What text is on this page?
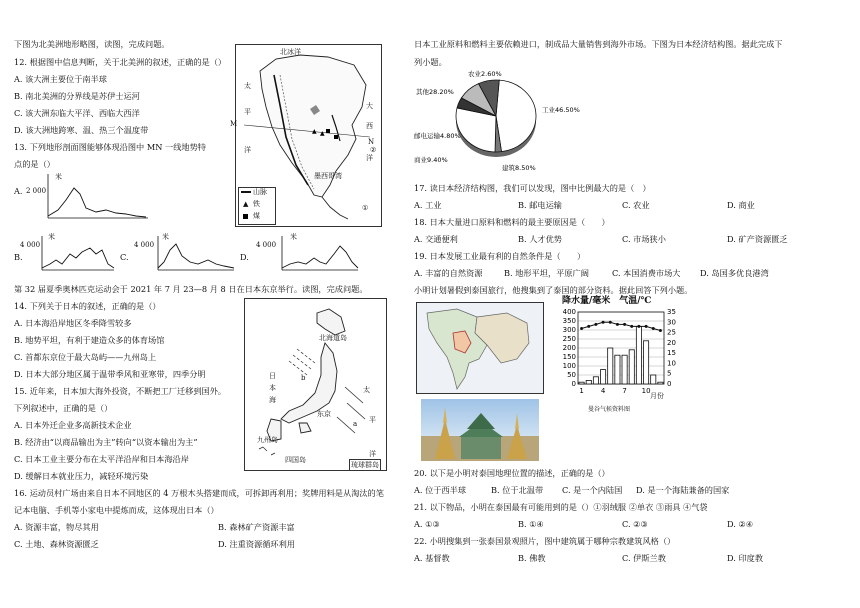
下图为北美洲地形略图，读图，完成问题。
12. 根据图中信息判断，关于北美洲的叙述，正确的是（）
A. 该大洲主要位于南半球
B. 南北美洲的分界线是苏伊士运河
C. 该大洲东临大平洋、西临大西洋
D. 该大洲地跨寒、温、热三个温度带
13. 下列地形剖面图能够体现沿图中 MN 一线地势特
点的是（）
A. 2 000
米
B.
4 000
米
C.
4 000
米
D.
4 000
米
第 32 届夏季奥林匹克运动会于 2021 年 7 月 23—8 月 8 日在日本东京举行。读图，完成问题。
14. 下列关于日本的叙述，正确的是（）
A. 日本海沿岸地区冬季降雪较多
B. 地势平坦，有利于建造众多的体育场馆
C. 首都东京位于最大岛屿——九州岛上
D. 日本大部分地区属于温带季风和亚寒带，四季分明
15. 近年来，日本加大海外投资，不断把工厂迁移到国外。
下列叙述中，正确的是（）
A. 日本外迁企业多高新技术企业
B. 经济由“以商品输出为主”转向“以资本输出为主”
C. 日本工业主要分布在太平洋沿岸和日本海沿岸
D. 缓解日本就业压力，减轻环境污染
16. 运动员村广场由来自日本不同地区的 4 万根木头搭建而成，可拆卸再利用；奖牌用料是从淘汰的笔
记本电脑、手机等小家电中提炼而成，这体现出日本（）
A. 资源丰富，物尽其用	B. 森林矿产资源丰富
C. 土地、森林资源匮乏	D. 注重资源循环利用
▲ ▲
北冰洋
太
平
洋
大
西
洋
M
N
墨西哥湾
①
②
山脉
▲ 铁
煤
北海道岛
日
本
海
东京
九州岛
四国岛
太
平
洋
a
b
琉球群岛
日本工业原料和燃料主要依赖进口，制成品大量销售到海外市场。下图为日本经济结构图。据此完成下
列小题。
工业46.50%
农业2.60%
其他28.20%
邮电运输4.80%
商业9.40%
建筑8.50%
17. 读日本经济结构图，我们可以发现，图中比例最大的是（　）
A. 工业	B. 邮电运输	C. 农业	D. 商业
18. 日本大量进口原料和燃料的最主要原因是（　　）
A. 交通便利	B. 人才优势	C. 市场狭小	D. 矿产资源匮乏
19. 日本发展工业最有利的自然条件是（　　）
A. 丰富的自然资源	B. 地形平坦，平原广阔	C. 本国消费市场大 D. 岛国多优良港湾
小明计划暑假到泰国旅行，他搜集到了泰国的部分资料。据此回答下列小题。
400
350
300
250
200
150
100
50
0
35
30
25
20
15
10
5
0
1 4 7 10
降水量/毫米　气温/℃
月份
曼谷气候资料图
20. 以下是小明对泰国地理位置的描述，正确的是（）
A. 位于西半球	B. 位于北温带 C. 是一个内陆国 D. 是一个海陆兼备的国家
21. 以下物品，小明在泰国最有可能用到的是（）①羽绒服 ②单衣 ③雨具 ④气袋
A. ①③	B. ①④	C. ②③	D. ②④
22. 小明搜集到一张泰国景观照片，图中建筑属于哪种宗教建筑风格（）
A. 基督教	B. 佛教	C. 伊斯兰教	D. 印度教
